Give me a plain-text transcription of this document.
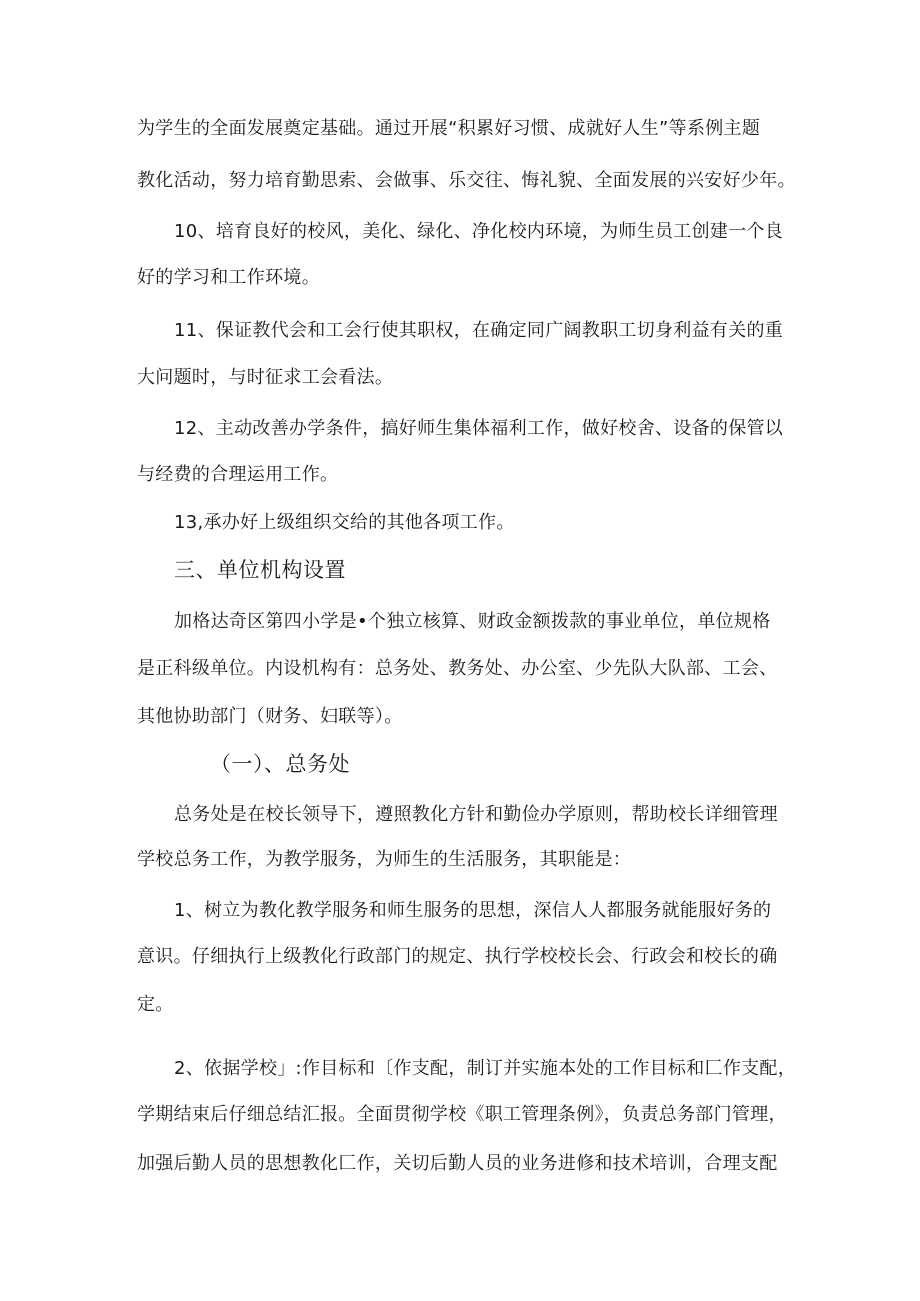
为学生的全面发展奠定基础。通过开展“积累好习惯、成就好人生”等系例主题
教化活动，努力培育勤思索、会做事、乐交往、悔礼貌、全面发展的兴安好少年。
10、培育良好的校风，美化、绿化、净化校内环境，为师生员工创建一个良
好的学习和工作环境。
11、保证教代会和工会行使其职权，在确定同广阔教职工切身利益有关的重
大问题时，与时征求工会看法。
12、主动改善办学条件，搞好师生集体福利工作，做好校舍、设备的保管以
与经费的合理运用工作。
13,承办好上级组织交给的其他各项工作。
三、单位机构设置
加格达奇区第四小学是•个独立核算、财政金额拨款的事业单位，单位规格
是正科级单位。内设机构有：总务处、教务处、办公室、少先队大队部、工会、
其他协助部门（财务、妇联等）。
（一）、总务处
总务处是在校长领导下，遵照教化方针和勤俭办学原则，帮助校长详细管理
学校总务工作，为教学服务，为师生的生活服务，其职能是：
1、树立为教化教学服务和师生服务的思想，深信人人都服务就能服好务的
意识。仔细执行上级教化行政部门的规定、执行学校校长会、行政会和校长的确
定。
2、依据学校」:作目标和〔作支配，制订并实施本处的工作目标和匚作支配，
学期结束后仔细总结汇报。全面贯彻学校《职工管理条例》，负责总务部门管理，
加强后勤人员的思想教化匚作，关切后勤人员的业务进修和技术培训，合理支配
